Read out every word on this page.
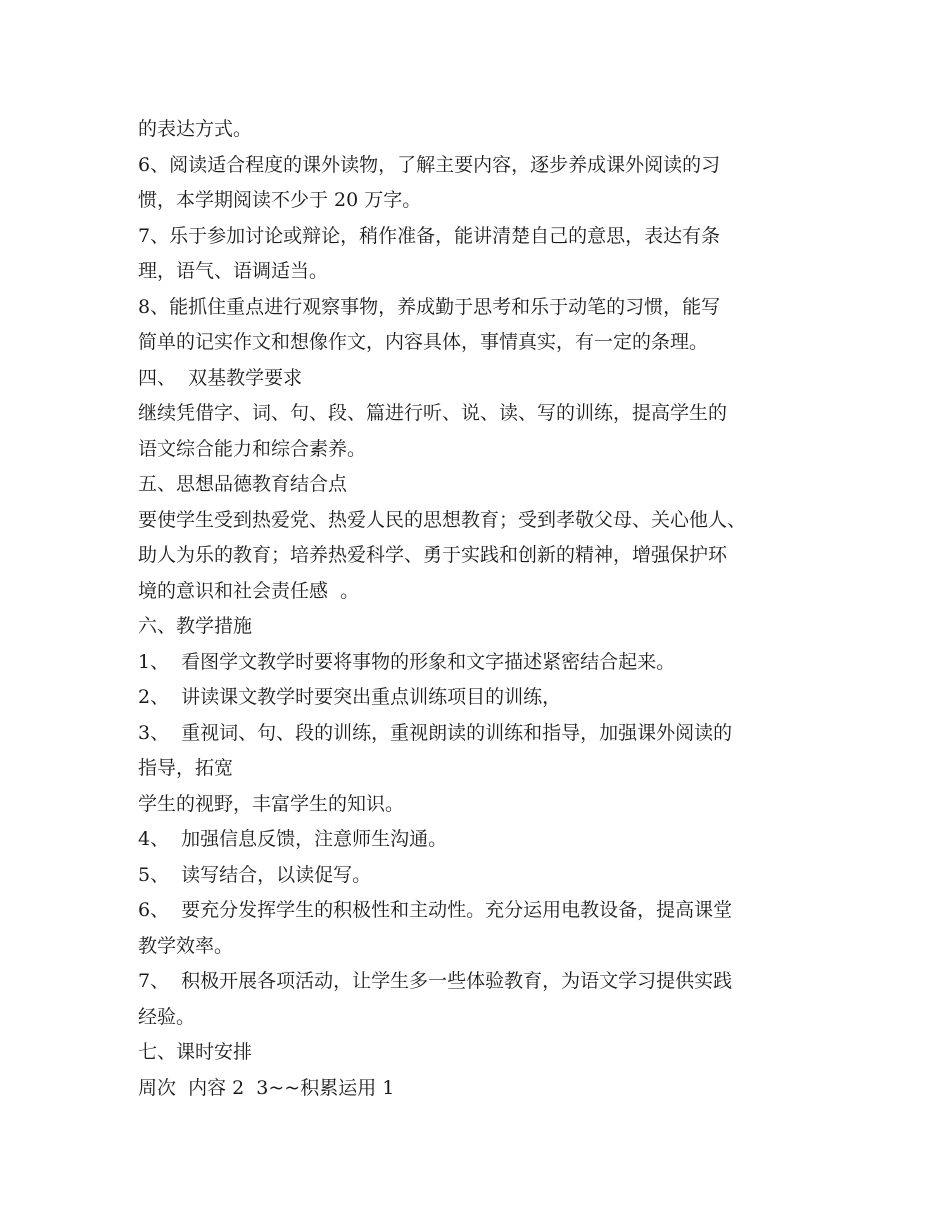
的表达方式。
6、阅读适合程度的课外读物，了解主要内容，逐步养成课外阅读的习
惯，本学期阅读不少于 20 万字。
7、乐于参加讨论或辩论，稍作准备，能讲清楚自己的意思，表达有条
理，语气、语调适当。
8、能抓住重点进行观察事物，养成勤于思考和乐于动笔的习惯，能写
简单的记实作文和想像作文，内容具体，事情真实，有一定的条理。
四、  双基教学要求
继续凭借字、词、句、段、篇进行听、说、读、写的训练，提高学生的
语文综合能力和综合素养。
五、思想品德教育结合点
要使学生受到热爱党、热爱人民的思想教育；受到孝敬父母、关心他人、
助人为乐的教育；培养热爱科学、勇于实践和创新的精神，增强保护环
境的意识和社会责任感  。
六、教学措施
1、  看图学文教学时要将事物的形象和文字描述紧密结合起来。
2、  讲读课文教学时要突出重点训练项目的训练，
3、  重视词、句、段的训练，重视朗读的训练和指导，加强课外阅读的
指导，拓宽
学生的视野，丰富学生的知识。
4、  加强信息反馈，注意师生沟通。
5、  读写结合，以读促写。
6、  要充分发挥学生的积极性和主动性。充分运用电教设备，提高课堂
教学效率。
7、  积极开展各项活动，让学生多一些体验教育，为语文学习提供实践
经验。
七、课时安排
周次  内容 2  3~~积累运用 1
